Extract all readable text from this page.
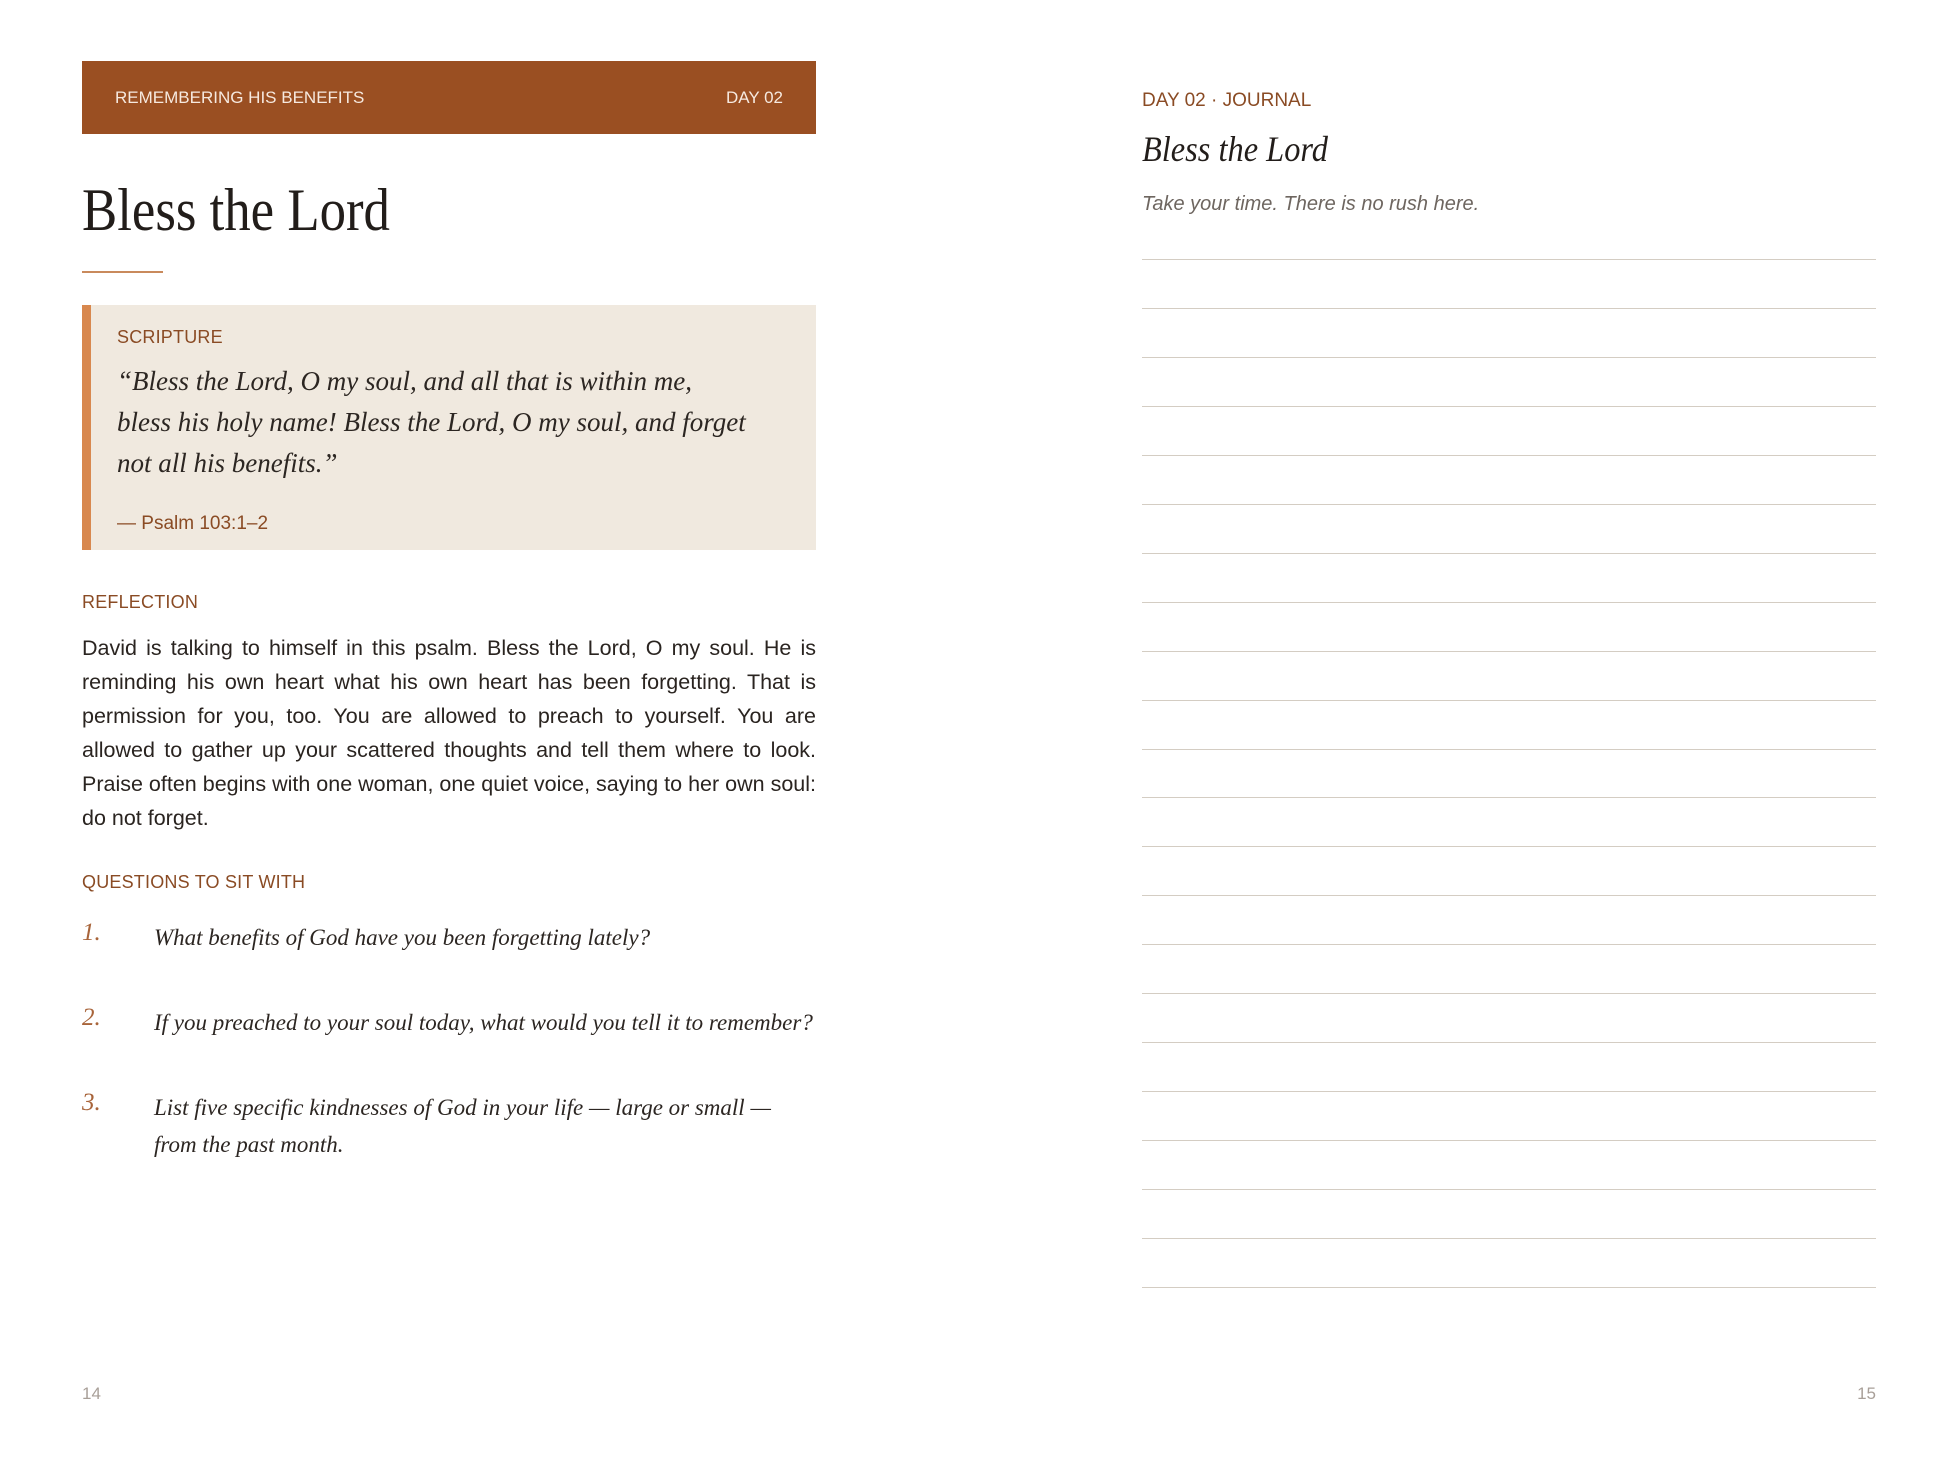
REMEMBERING HIS BENEFITS	DAY 02
Bless the Lord
SCRIPTURE
“Bless the Lord, O my soul, and all that is within me, bless his holy name! Bless the Lord, O my soul, and forget not all his benefits.”
— Psalm 103:1–2
REFLECTION
David is talking to himself in this psalm. Bless the Lord, O my soul. He is reminding his own heart what his own heart has been forgetting. That is permission for you, too. You are allowed to preach to yourself. You are allowed to gather up your scattered thoughts and tell them where to look. Praise often begins with one woman, one quiet voice, saying to her own soul: do not forget.
QUESTIONS TO SIT WITH
1. What benefits of God have you been forgetting lately?
2. If you preached to your soul today, what would you tell it to remember?
3. List five specific kindnesses of God in your life — large or small — from the past month.
14
DAY 02 · JOURNAL
Bless the Lord
Take your time. There is no rush here.
15
